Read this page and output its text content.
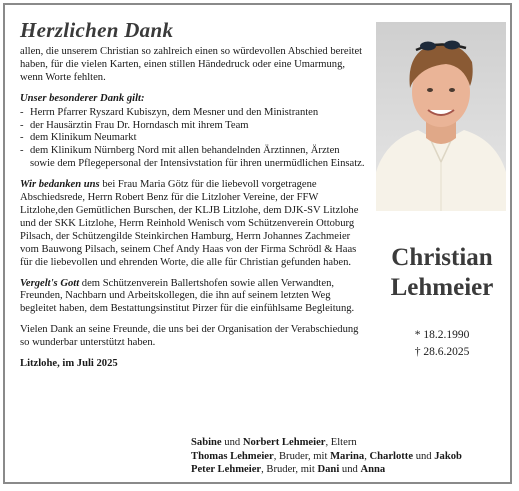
Herzlichen Dank

allen, die unserem Christian so zahlreich einen so würdevollen Abschied bereitet haben, für die vielen Karten, einen stillen Händedruck oder eine Umarmung, wenn Worte fehlten.

Unser besonderer Dank gilt:

- Herrn Pfarrer Ryszard Kubiszyn, dem Mesner und den Ministranten
- der Hausärztin Frau Dr. Horndasch mit ihrem Team
- dem Klinikum Neumarkt
- dem Klinikum Nürnberg Nord mit allen behandelnden Ärztinnen, Ärzten sowie dem Pflegepersonal der Intensivstation für ihren unermüdlichen Einsatz.

Wir bedanken uns bei Frau Maria Götz für die liebevoll vorgetragene Abschiedsrede, Herrn Robert Benz für die Litzloher Vereine, der FFW Litzlohe,den Gemütlichen Burschen, der KLJB Litzlohe, dem DJK-SV Litzlohe und der SKK Litzlohe, Herrn Reinhold Wenisch vom Schützenverein Ottoburg Pilsach, der Schützengilde Steinkirchen Hamburg, Herrn Johannes Zachmeier vom Bauwong Pilsach, seinem Chef Andy Haas von der Firma Schrödl & Haas für die liebevollen und ehrenden Worte, die alle für Christian gefunden haben.

Vergelt's Gott dem Schützenverein Ballertshofen sowie allen Verwandten, Freunden, Nachbarn und Arbeitskollegen, die ihn auf seinem letzten Weg begleitet haben, dem Bestattungsinstitut Pirzer für die einfühlsame Begleitung.

Vielen Dank an seine Freunde, die uns bei der Organisation der Verabschiedung so wunderbar unterstützt haben.

Litzlohe, im Juli 2025

Christian
Lehmeier
* 18.2.1990
† 28.6.2025
Sabine und Norbert Lehmeier, Eltern
Thomas Lehmeier, Bruder, mit Marina, Charlotte und Jakob
Peter Lehmeier, Bruder, mit Dani und Anna
